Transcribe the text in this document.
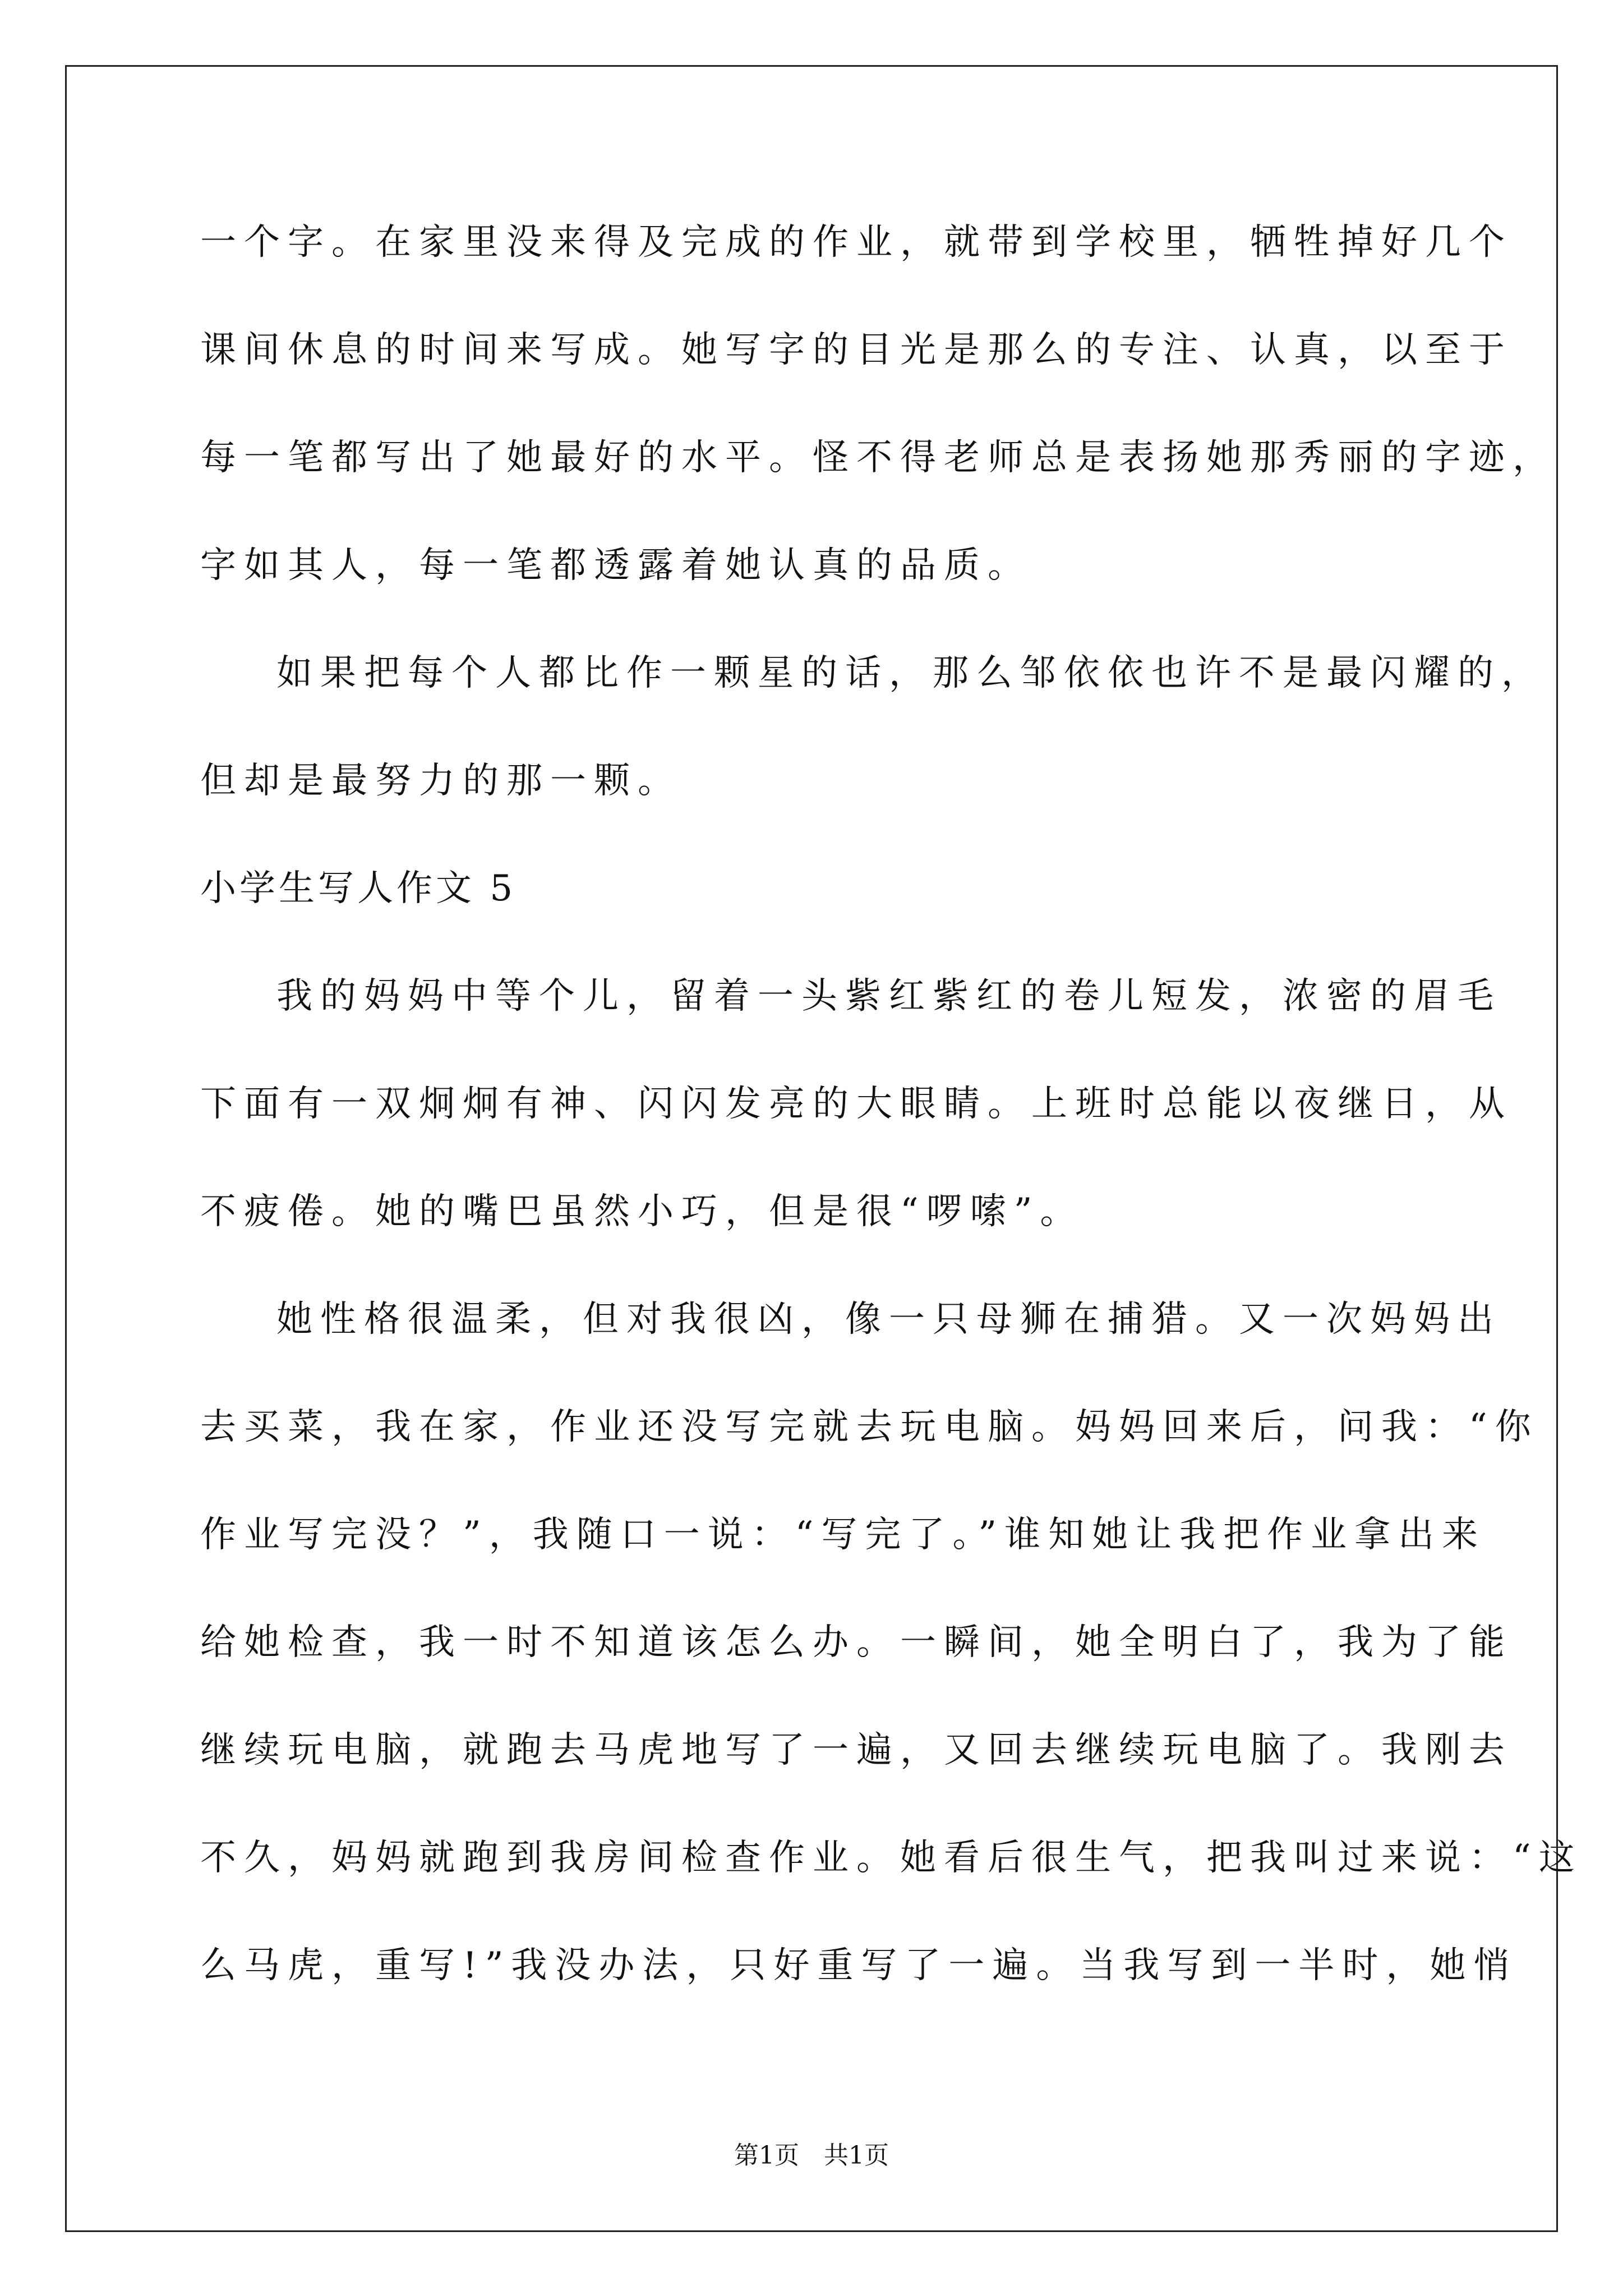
一个字。在家里没来得及完成的作业，就带到学校里，牺牲掉好几个
课间休息的时间来写成。她写字的目光是那么的专注、认真，以至于
每一笔都写出了她最好的水平。怪不得老师总是表扬她那秀丽的字迹，
字如其人，每一笔都透露着她认真的品质。
如果把每个人都比作一颗星的话，那么邹依依也许不是最闪耀的，
但却是最努力的那一颗。
小学生写人作文 5
我的妈妈中等个儿，留着一头紫红紫红的卷儿短发，浓密的眉毛
下面有一双炯炯有神、闪闪发亮的大眼睛。上班时总能以夜继日，从
不疲倦。她的嘴巴虽然小巧，但是很“啰嗦”。
她性格很温柔，但对我很凶，像一只母狮在捕猎。又一次妈妈出
去买菜，我在家，作业还没写完就去玩电脑。妈妈回来后，问我：“你
作业写完没？”，我随口一说：“写完了。”谁知她让我把作业拿出来
给她检查，我一时不知道该怎么办。一瞬间，她全明白了，我为了能
继续玩电脑，就跑去马虎地写了一遍，又回去继续玩电脑了。我刚去
不久，妈妈就跑到我房间检查作业。她看后很生气，把我叫过来说：“这
么马虎，重写!”我没办法，只好重写了一遍。当我写到一半时，她悄
第1页　共1页
